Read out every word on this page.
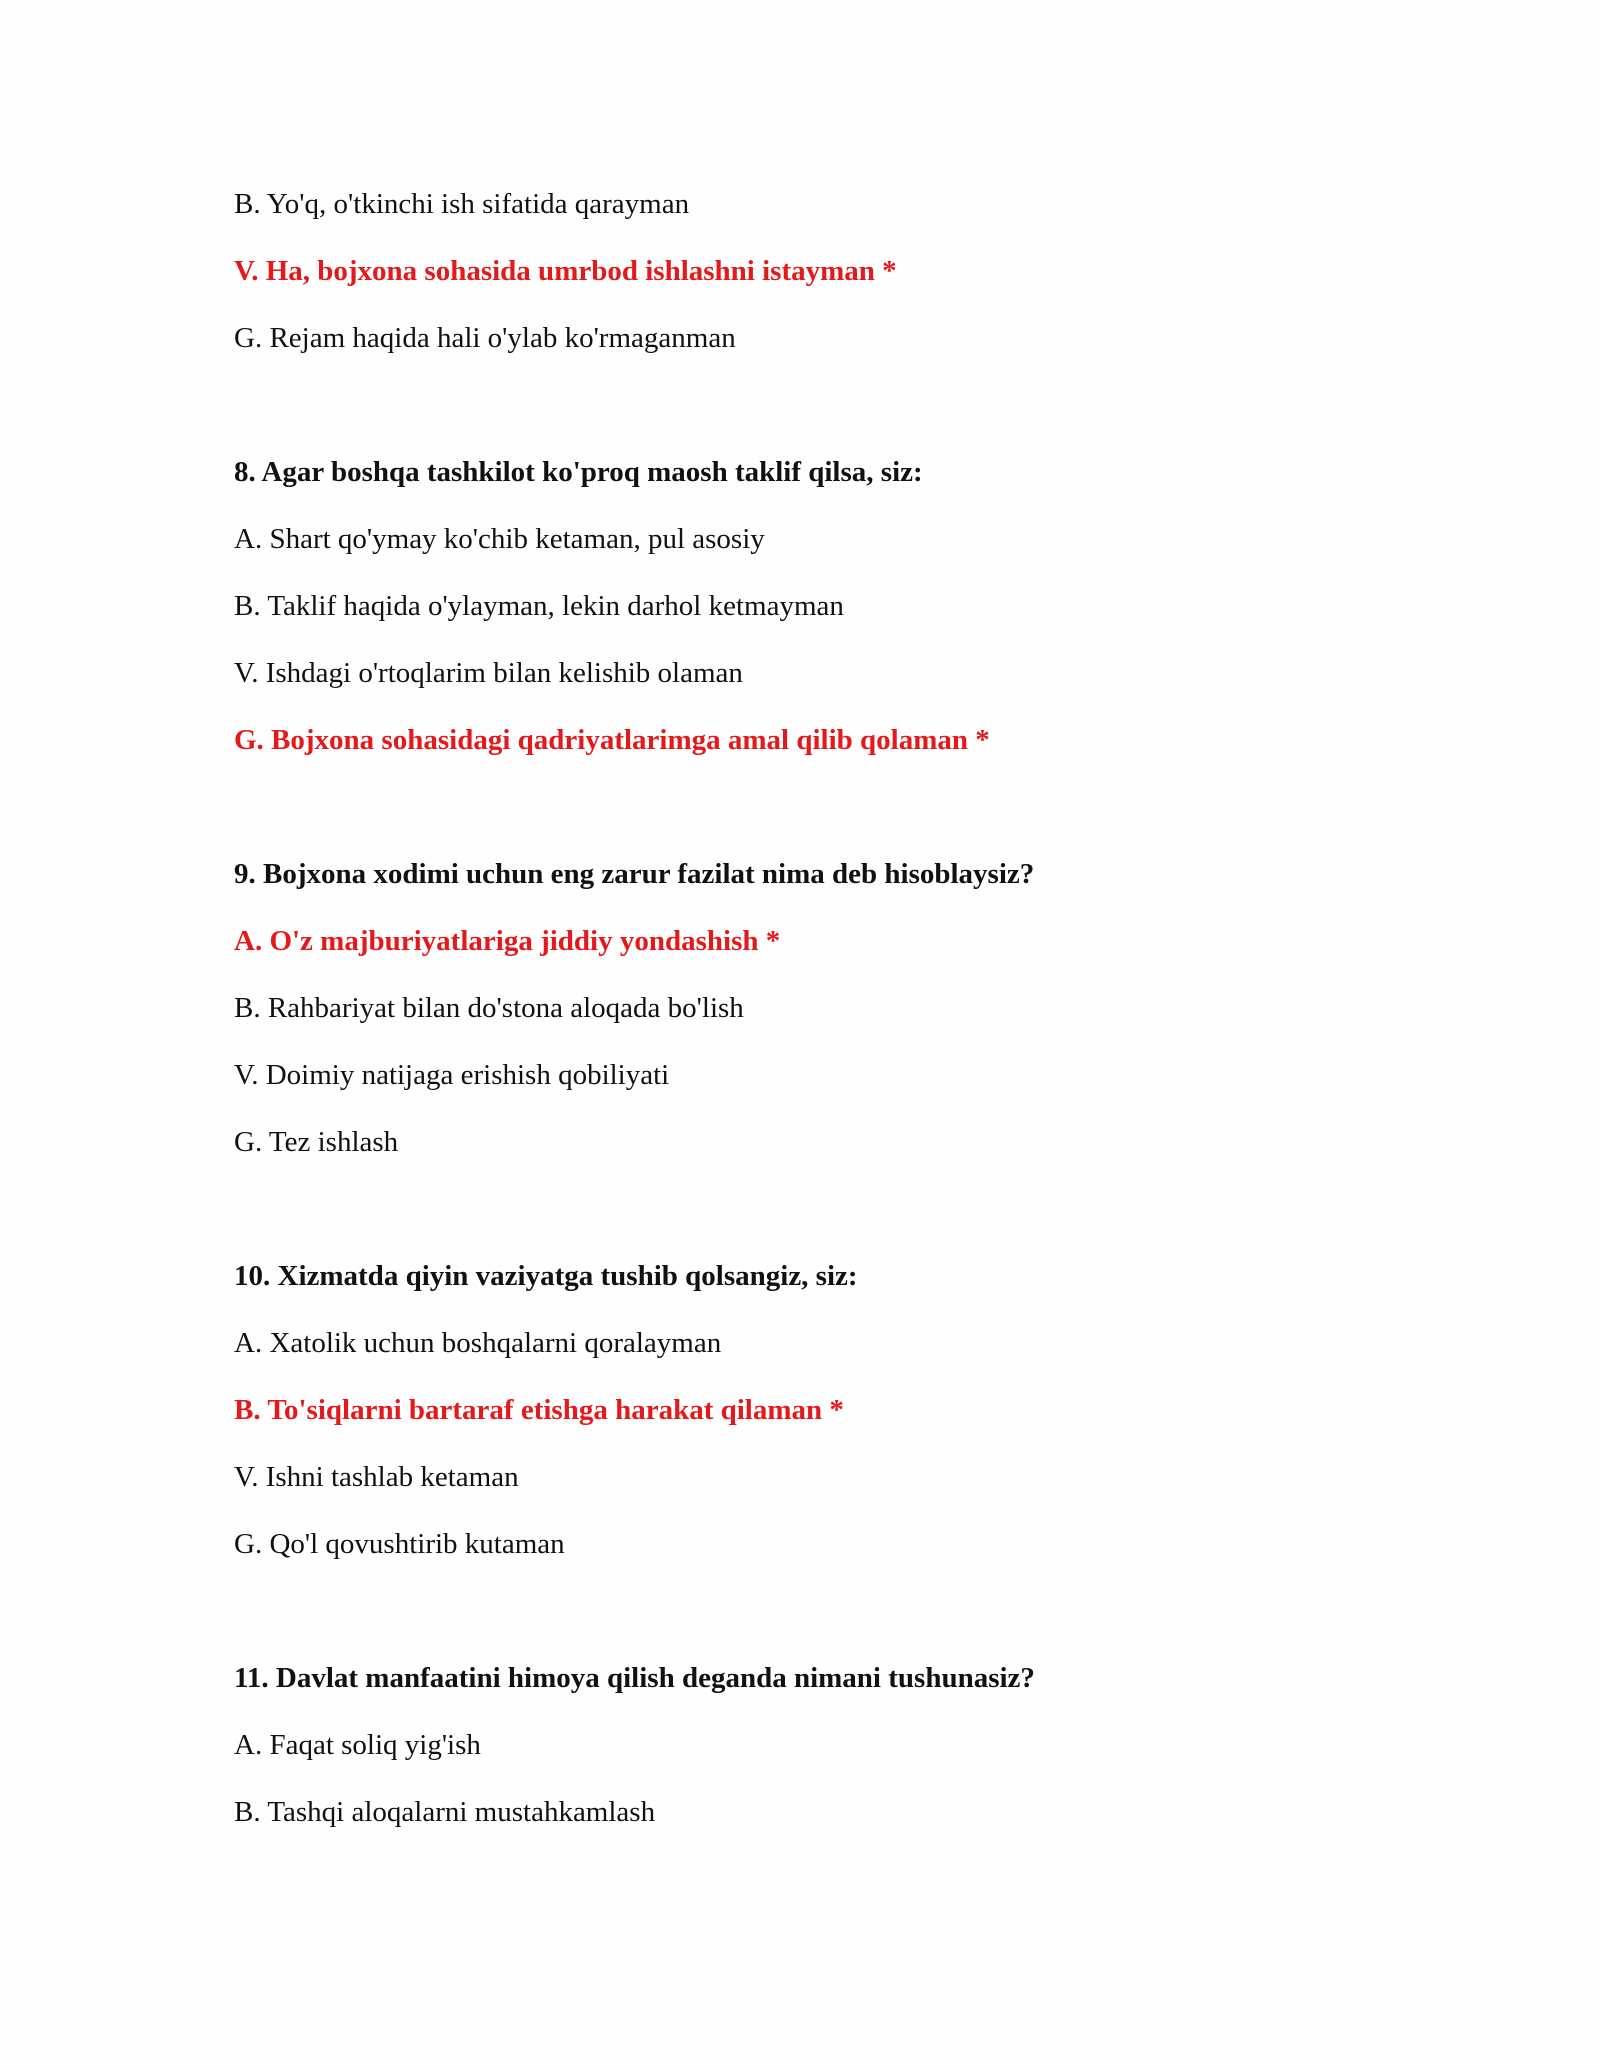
B. Yo'q, o'tkinchi ish sifatida qarayman
V. Ha, bojxona sohasida umrbod ishlashni istayman *
G. Rejam haqida hali o'ylab ko'rmaganman
8. Agar boshqa tashkilot ko'proq maosh taklif qilsa, siz:
A. Shart qo'ymay ko'chib ketaman, pul asosiy
B. Taklif haqida o'ylayman, lekin darhol ketmayman
V. Ishdagi o'rtoqlarim bilan kelishib olaman
G. Bojxona sohasidagi qadriyatlarimga amal qilib qolaman *
9. Bojxona xodimi uchun eng zarur fazilat nima deb hisoblaysiz?
A. O'z majburiyatlariga jiddiy yondashish *
B. Rahbariyat bilan do'stona aloqada bo'lish
V. Doimiy natijaga erishish qobiliyati
G. Tez ishlash
10. Xizmatda qiyin vaziyatga tushib qolsangiz, siz:
A. Xatolik uchun boshqalarni qoralayman
B. To'siqlarni bartaraf etishga harakat qilaman *
V. Ishni tashlab ketaman
G. Qo'l qovushtirib kutaman
11. Davlat manfaatini himoya qilish deganda nimani tushunasiz?
A. Faqat soliq yig'ish
B. Tashqi aloqalarni mustahkamlash
